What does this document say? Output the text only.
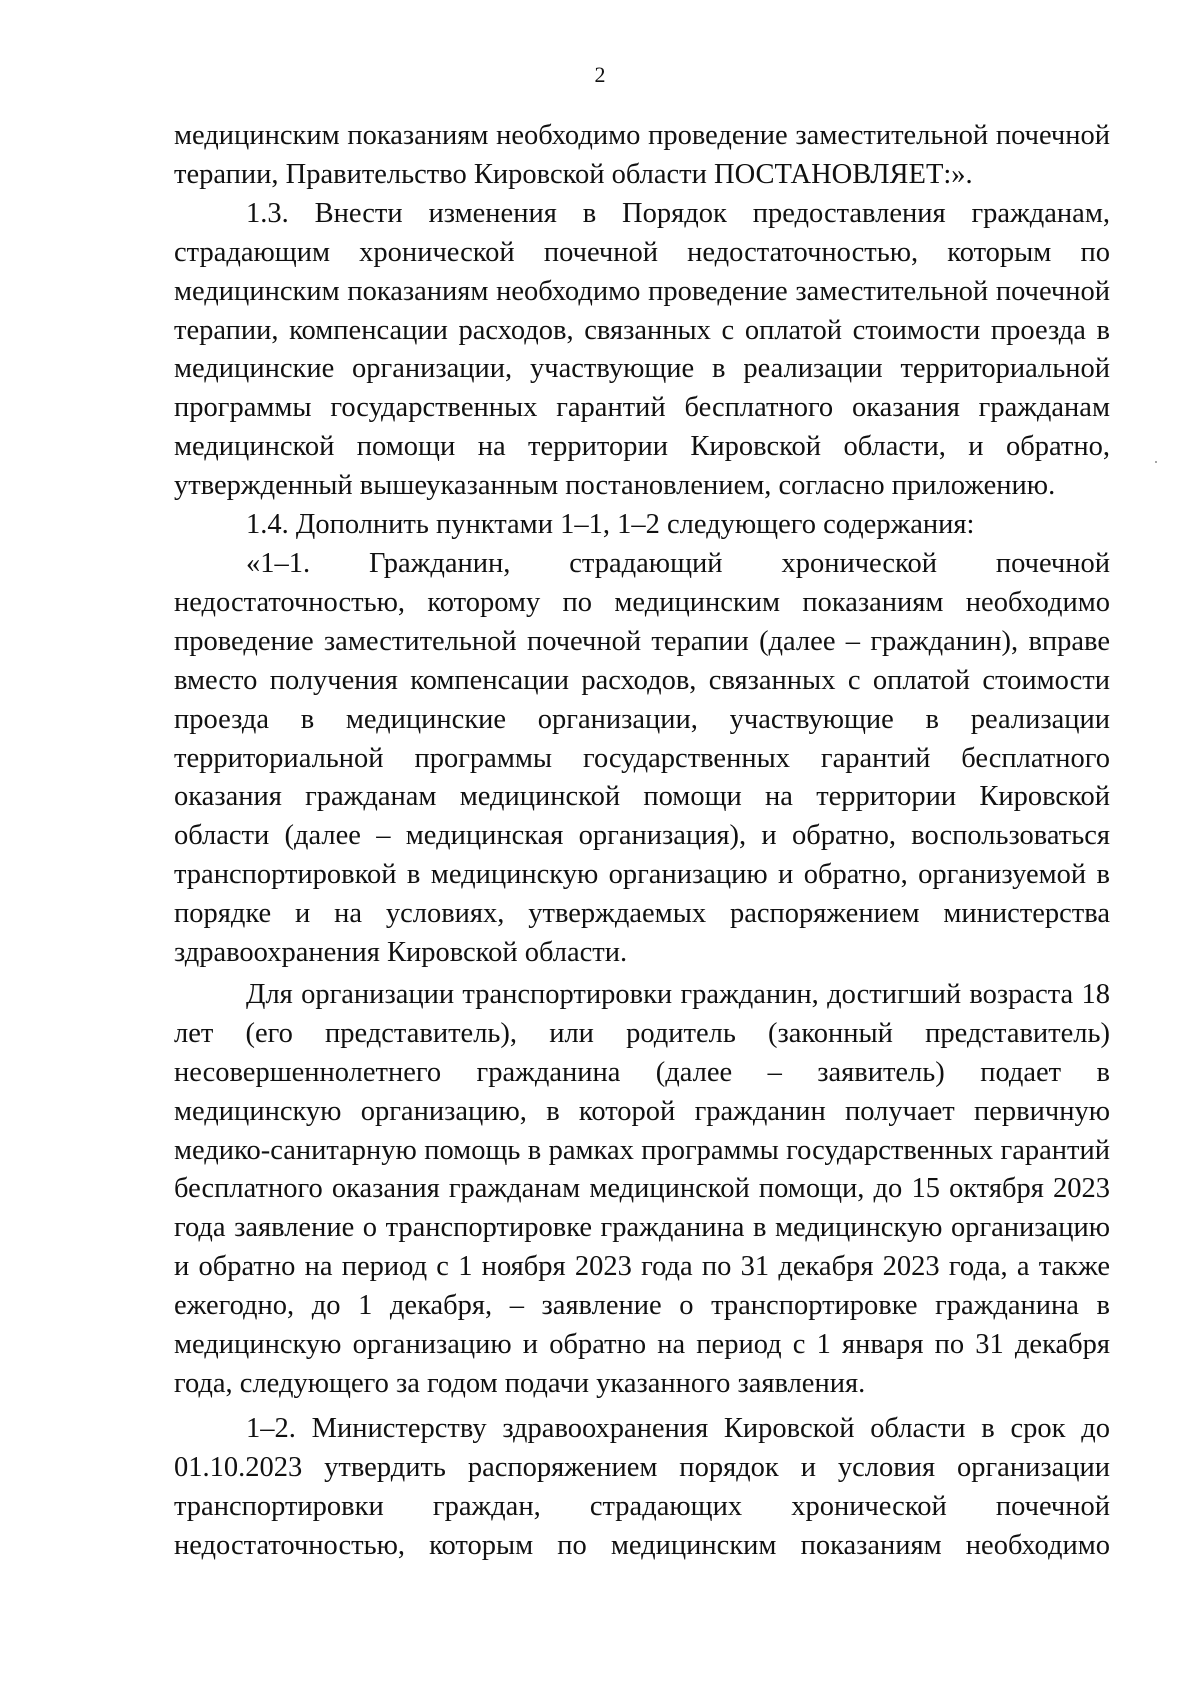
2

медицинским показаниям необходимо проведение заместительной почечной терапии, Правительство Кировской области ПОСТАНОВЛЯЕТ:».

1.3. Внести изменения в Порядок предоставления гражданам, страдающим хронической почечной недостаточностью, которым по медицинским показаниям необходимо проведение заместительной почечной терапии, компенсации расходов, связанных с оплатой стоимости проезда в медицинские организации, участвующие в реализации территориальной программы государственных гарантий бесплатного оказания гражданам медицинской помощи на территории Кировской области, и обратно, утвержденный вышеуказанным постановлением, согласно приложению.

1.4. Дополнить пунктами 1–1, 1–2 следующего содержания:

«1–1. Гражданин, страдающий хронической почечной недостаточностью, которому по медицинским показаниям необходимо проведение заместительной почечной терапии (далее – гражданин), вправе вместо получения компенсации расходов, связанных с оплатой стоимости проезда в медицинские организации, участвующие в реализации территориальной программы государственных гарантий бесплатного оказания гражданам медицинской помощи на территории Кировской области (далее – медицинская организация), и обратно, воспользоваться транспортировкой в медицинскую организацию и обратно, организуемой в порядке и на условиях, утверждаемых распоряжением министерства здравоохранения Кировской области.

Для организации транспортировки гражданин, достигший возраста 18 лет (его представитель), или родитель (законный представитель) несовершеннолетнего гражданина (далее – заявитель) подает в медицинскую организацию, в которой гражданин получает первичную медико-санитарную помощь в рамках программы государственных гарантий бесплатного оказания гражданам медицинской помощи, до 15 октября 2023 года заявление о транспортировке гражданина в медицинскую организацию и обратно на период с 1 ноября 2023 года по 31 декабря 2023 года, а также ежегодно, до 1 декабря, – заявление о транспортировке гражданина в медицинскую организацию и обратно на период с 1 января по 31 декабря года, следующего за годом подачи указанного заявления.

1–2. Министерству здравоохранения Кировской области в срок до 01.10.2023 утвердить распоряжением порядок и условия организации транспортировки граждан, страдающих хронической почечной недостаточностью, которым по медицинским показаниям необходимо
